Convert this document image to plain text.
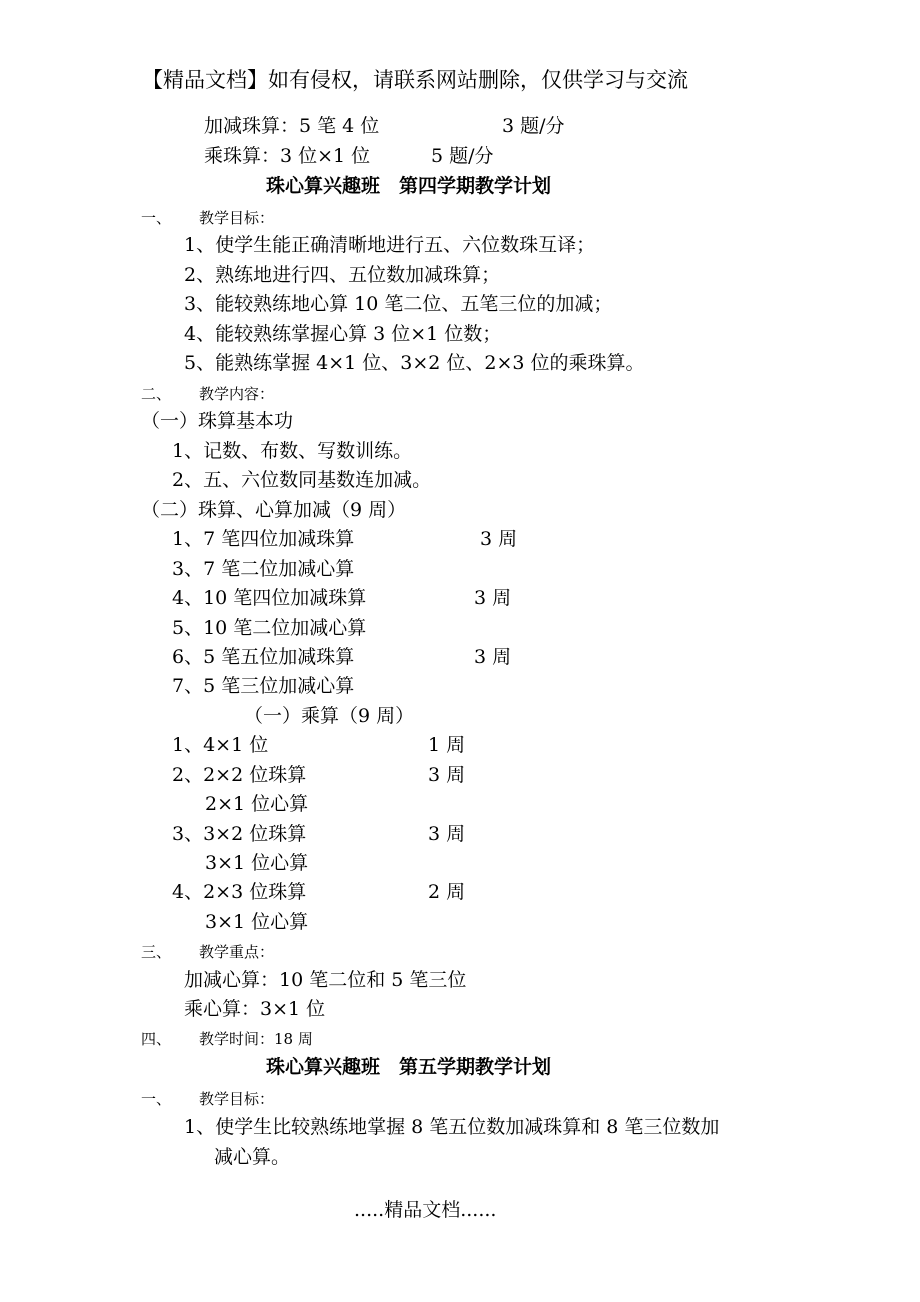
【精品文档】如有侵权，请联系网站删除，仅供学习与交流
加减珠算：5 笔 4 位	3 题/分
乘珠算：3 位×1 位	5 题/分
珠心算兴趣班　第四学期教学计划
一、 教学目标：
1、使学生能正确清晰地进行五、六位数珠互译；
2、熟练地进行四、五位数加减珠算；
3、能较熟练地心算 10 笔二位、五笔三位的加减；
4、能较熟练掌握心算 3 位×1 位数；
5、能熟练掌握 4×1 位、3×2 位、2×3 位的乘珠算。
二、 教学内容：
（一）珠算基本功
1、记数、布数、写数训练。
2、五、六位数同基数连加减。
（二）珠算、心算加减（9 周）
1、7 笔四位加减珠算	3 周
3、7 笔二位加减心算
4、10 笔四位加减珠算	3 周
5、10 笔二位加减心算
6、5 笔五位加减珠算	3 周
7、5 笔三位加减心算
（一）乘算（9 周）
1、4×1 位	1 周
2、2×2 位珠算	3 周
2×1 位心算
3、3×2 位珠算	3 周
3×1 位心算
4、2×3 位珠算	2 周
3×1 位心算
三、 教学重点：
加减心算：10 笔二位和 5 笔三位
乘心算：3×1 位
四、 教学时间：18 周
珠心算兴趣班　第五学期教学计划
一、 教学目标：
1、使学生比较熟练地掌握 8 笔五位数加减珠算和 8 笔三位数加
减心算。
.....精品文档......
